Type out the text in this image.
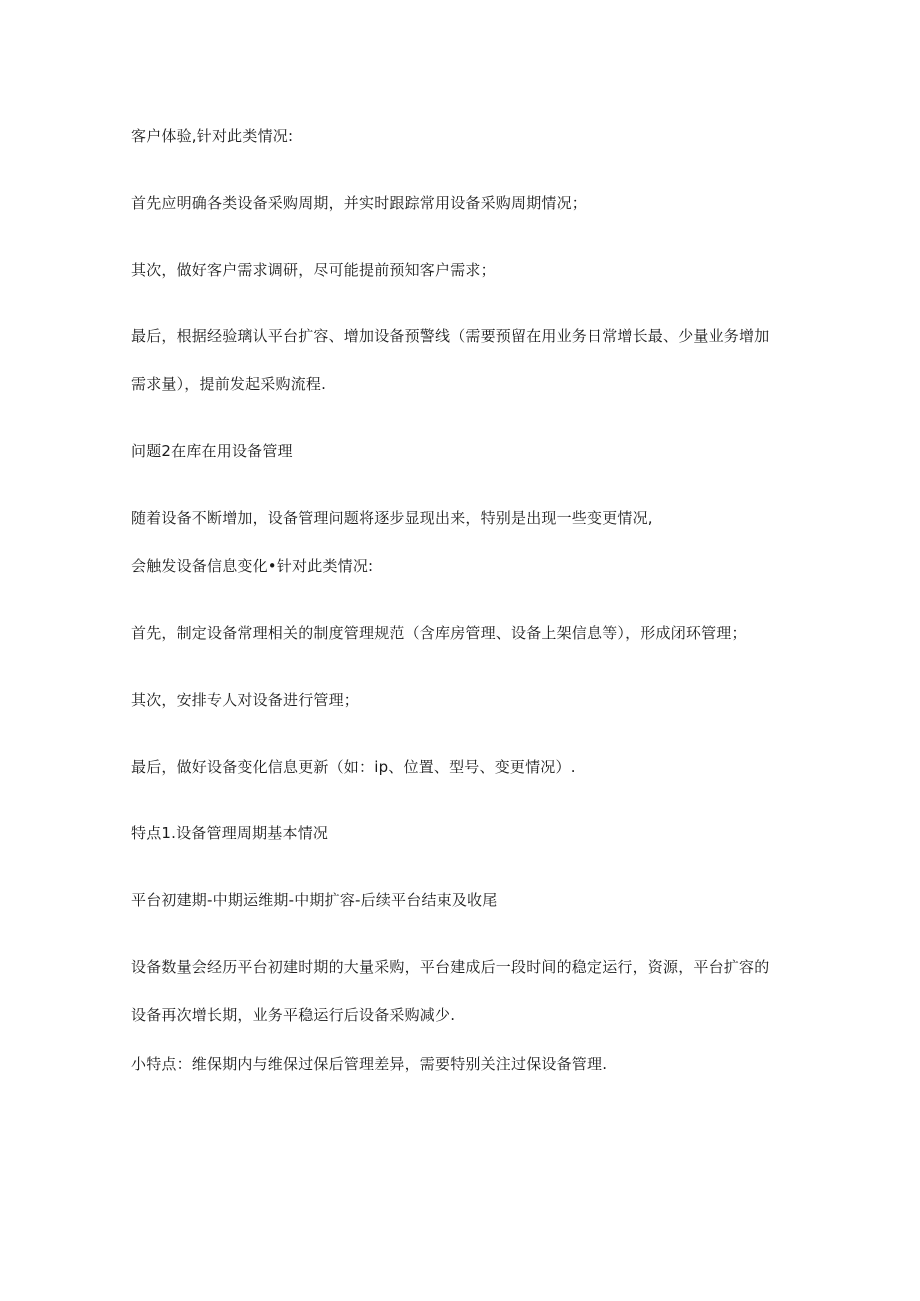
客户体验,针对此类情况:

首先应明确各类设备采购周期，并实时跟踪常用设备采购周期情况；

其次，做好客户需求调研，尽可能提前预知客户需求；

最后，根据经验璃认平台扩容、增加设备预警线（需要预留在用业务日常增长最、少量业务增加

需求量），提前发起采购流程.

问题2在库在用设备管理

随着设备不断增加，设备管理问题将逐步显现出来，特别是出现一些变更情况,

会触发设备信息变化•针对此类情况:

首先，制定设备常理相关的制度管理规范（含库房管理、设备上架信息等），形成闭环管理；

其次，安排专人对设备进行管理；

最后，做好设备变化信息更新（如：ip、位置、型号、变更情况）.

特点1.设备管理周期基本情况

平台初建期-中期运维期-中期扩容-后续平台结束及收尾

设备数量会经历平台初建时期的大量采购，平台建成后一段时间的稳定运行，资源，平台扩容的

设备再次增长期，业务平稳运行后设备采购减少.

小特点：维保期内与维保过保后管理差异，需要特别关注过保设备管理.
